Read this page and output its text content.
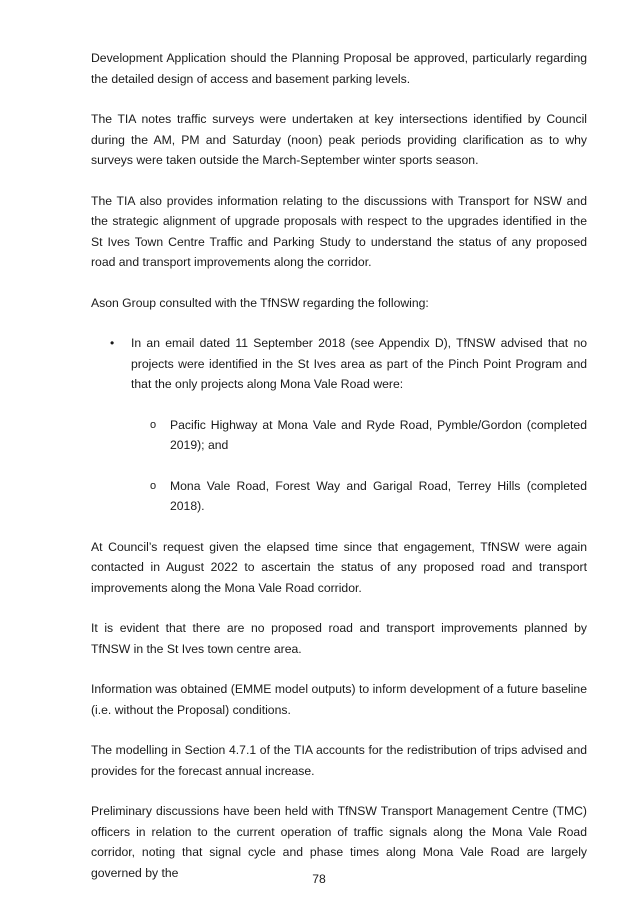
Development Application should the Planning Proposal be approved, particularly regarding the detailed design of access and basement parking levels.

The TIA notes traffic surveys were undertaken at key intersections identified by Council during the AM, PM and Saturday (noon) peak periods providing clarification as to why surveys were taken outside the March-September winter sports season.

The TIA also provides information relating to the discussions with Transport for NSW and the strategic alignment of upgrade proposals with respect to the upgrades identified in the St Ives Town Centre Traffic and Parking Study to understand the status of any proposed road and transport improvements along the corridor.

Ason Group consulted with the TfNSW regarding the following:

• In an email dated 11 September 2018 (see Appendix D), TfNSW advised that no projects were identified in the St Ives area as part of the Pinch Point Program and that the only projects along Mona Vale Road were:

o Pacific Highway at Mona Vale and Ryde Road, Pymble/Gordon (completed 2019); and

o Mona Vale Road, Forest Way and Garigal Road, Terrey Hills (completed 2018).

At Council’s request given the elapsed time since that engagement, TfNSW were again contacted in August 2022 to ascertain the status of any proposed road and transport improvements along the Mona Vale Road corridor.

It is evident that there are no proposed road and transport improvements planned by TfNSW in the St Ives town centre area.

Information was obtained (EMME model outputs) to inform development of a future baseline (i.e. without the Proposal) conditions.

The modelling in Section 4.7.1 of the TIA accounts for the redistribution of trips advised and provides for the forecast annual increase.

Preliminary discussions have been held with TfNSW Transport Management Centre (TMC) officers in relation to the current operation of traffic signals along the Mona Vale Road corridor, noting that signal cycle and phase times along Mona Vale Road are largely governed by the	78
